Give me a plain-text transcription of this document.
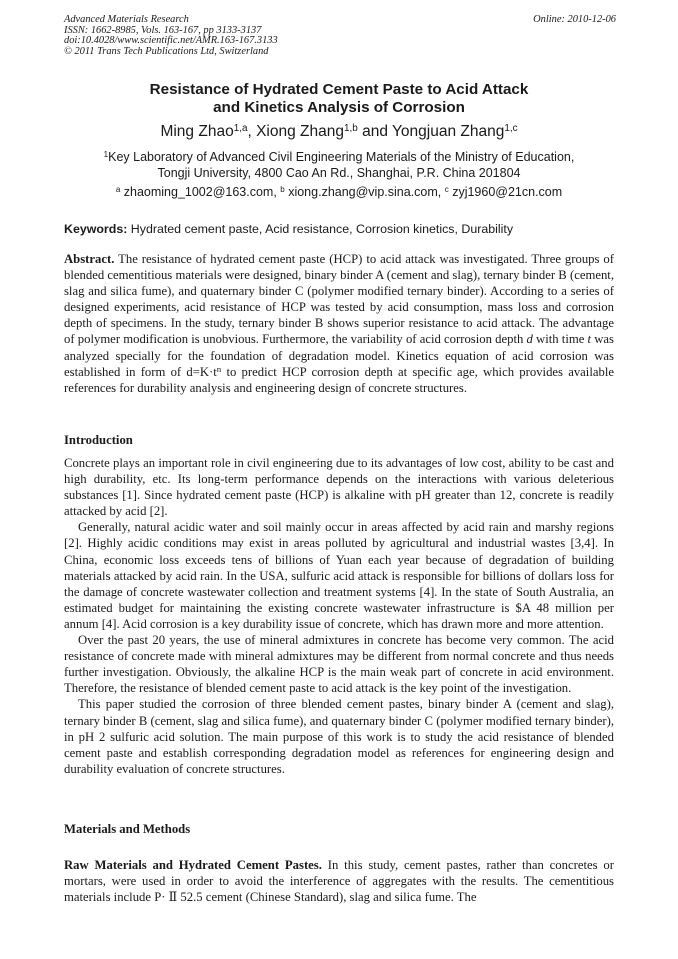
Advanced Materials Research
ISSN: 1662-8985, Vols. 163-167, pp 3133-3137
doi:10.4028/www.scientific.net/AMR.163-167.3133
© 2011 Trans Tech Publications Ltd, Switzerland
Online: 2010-12-06
Resistance of Hydrated Cement Paste to Acid Attack
and Kinetics Analysis of Corrosion
Ming Zhao$^{1,a}$, Xiong Zhang$^{1,b}$ and Yongjuan Zhang$^{1,c}$
$^1$Key Laboratory of Advanced Civil Engineering Materials of the Ministry of Education,
Tongji University, 4800 Cao An Rd., Shanghai, P.R. China 201804
$^a$ zhaoming_1002@163.com, $^b$ xiong.zhang@vip.sina.com, $^c$ zyj1960@21cn.com
Keywords: Hydrated cement paste, Acid resistance, Corrosion kinetics, Durability

Abstract. The resistance of hydrated cement paste (HCP) to acid attack was investigated. Three groups of blended cementitious materials were designed, binary binder A (cement and slag), ternary binder B (cement, slag and silica fume), and quaternary binder C (polymer modified ternary binder). According to a series of designed experiments, acid resistance of HCP was tested by acid consumption, mass loss and corrosion depth of specimens. In the study, ternary binder B shows superior resistance to acid attack. The advantage of polymer modification is unobvious. Furthermore, the variability of acid corrosion depth d with time t was analyzed specially for the foundation of degradation model. Kinetics equation of acid corrosion was established in form of $d=K\cdot t^n$ to predict HCP corrosion depth at specific age, which provides available references for durability analysis and engineering design of concrete structures.

Introduction

Concrete plays an important role in civil engineering due to its advantages of low cost, ability to be cast and high durability, etc. Its long-term performance depends on the interactions with various deleterious substances [1]. Since hydrated cement paste (HCP) is alkaline with pH greater than 12, concrete is readily attacked by acid [2].

Generally, natural acidic water and soil mainly occur in areas affected by acid rain and marshy regions [2]. Highly acidic conditions may exist in areas polluted by agricultural and industrial wastes [3,4]. In China, economic loss exceeds tens of billions of Yuan each year because of degradation of building materials attacked by acid rain. In the USA, sulfuric acid attack is responsible for billions of dollars loss for the damage of concrete wastewater collection and treatment systems [4]. In the state of South Australia, an estimated budget for maintaining the existing concrete wastewater infrastructure is $A 48 million per annum [4]. Acid corrosion is a key durability issue of concrete, which has drawn more and more attention.

Over the past 20 years, the use of mineral admixtures in concrete has become very common. The acid resistance of concrete made with mineral admixtures may be different from normal concrete and thus needs further investigation. Obviously, the alkaline HCP is the main weak part of concrete in acid environment. Therefore, the resistance of blended cement paste to acid attack is the key point of the investigation.

This paper studied the corrosion of three blended cement pastes, binary binder A (cement and slag), ternary binder B (cement, slag and silica fume), and quaternary binder C (polymer modified ternary binder), in pH 2 sulfuric acid solution. The main purpose of this work is to study the acid resistance of blended cement paste and establish corresponding degradation model as references for engineering design and durability evaluation of concrete structures.

Materials and Methods

Raw Materials and Hydrated Cement Pastes. In this study, cement pastes, rather than concretes or mortars, were used in order to avoid the interference of aggregates with the results. The cementitious materials include P· Ⅱ 52.5 cement (Chinese Standard), slag and silica fume. The
